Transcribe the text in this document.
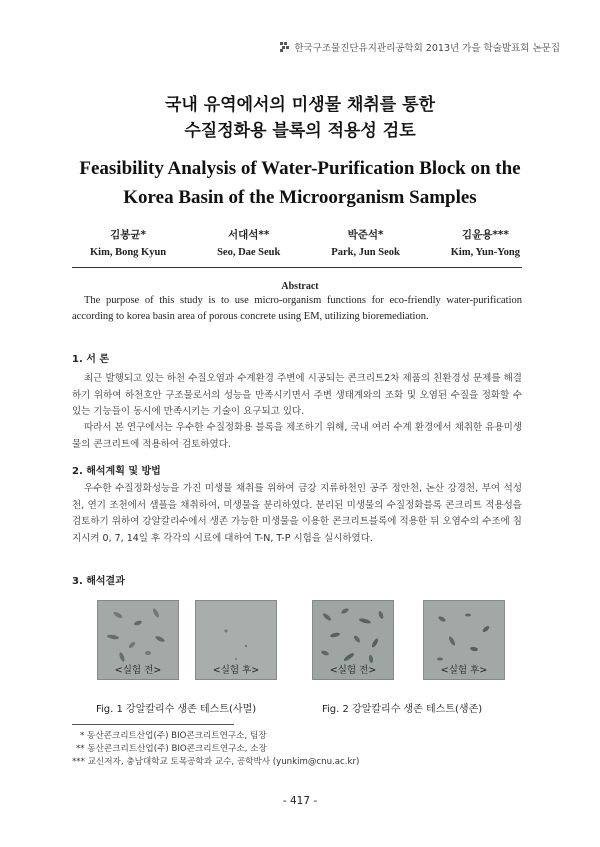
한국구조물진단유지관리공학회 2013년 가을 학술발표회 논문집
국내 유역에서의 미생물 채취를 통한
수질정화용 블록의 적용성 검토
Feasibility Analysis of Water-Purification Block on the
Korea Basin of the Microorganism Samples
김봉균*
Kim, Bong Kyun
서대석**
Seo, Dae Seuk
박준석*
Park, Jun Seok
김윤용***
Kim, Yun-Yong
Abstract
The purpose of this study is to use micro-organism functions for eco-friendly water-purification according to korea basin area of porous concrete using EM, utilizing bioremediation.
1. 서 론
최근 발행되고 있는 하천 수질오염과 수계환경 주변에 시공되는 콘크리트2차 제품의 친환경성 문제를 해결하기 위하여 하천호안 구조물로서의 성능을 만족시키면서 주변 생태계와의 조화 및 오염된 수질을 정화할 수 있는 기능들이 동시에 만족시키는 기술이 요구되고 있다.
따라서 본 연구에서는 우수한 수질정화용 블록을 제조하기 위해, 국내 여러 수계 환경에서 채취한 유용미생물의 콘크리트에 적용하여 검토하였다.
2. 해석계획 및 방법
우수한 수질정화성능을 가진 미생물 채취를 위하여 금강 지류하천인 공주 정안천, 논산 강경천, 부여 석성천, 연기 조천에서 샘플을 채취하여, 미생물을 분리하였다. 분리된 미생물의 수질정화블록 콘크리트 적용성을 검토하기 위하여 강알칼리수에서 생존 가능한 미생물을 이용한 콘크리트블록에 적용한 뒤 오염수의 수조에 침지시켜 0, 7, 14일 후 각각의 시료에 대하여 T-N, T-P 시험을 실시하였다.
3. 해석결과
<실험 전>	<실험 후>	<실험 전>	<실험 후>
Fig. 1 강알칼리수 생존 테스트(사멸)	Fig. 2 강알칼리수 생존 테스트(생존)
* 동산콘크리트산업(주) BIO콘크리트연구소, 팀장
** 동산콘크리트산업(주) BIO콘크리트연구소, 소장
*** 교신저자, 충남대학교 토목공학과 교수, 공학박사 (yunkim@cnu.ac.kr)
- 417 -
